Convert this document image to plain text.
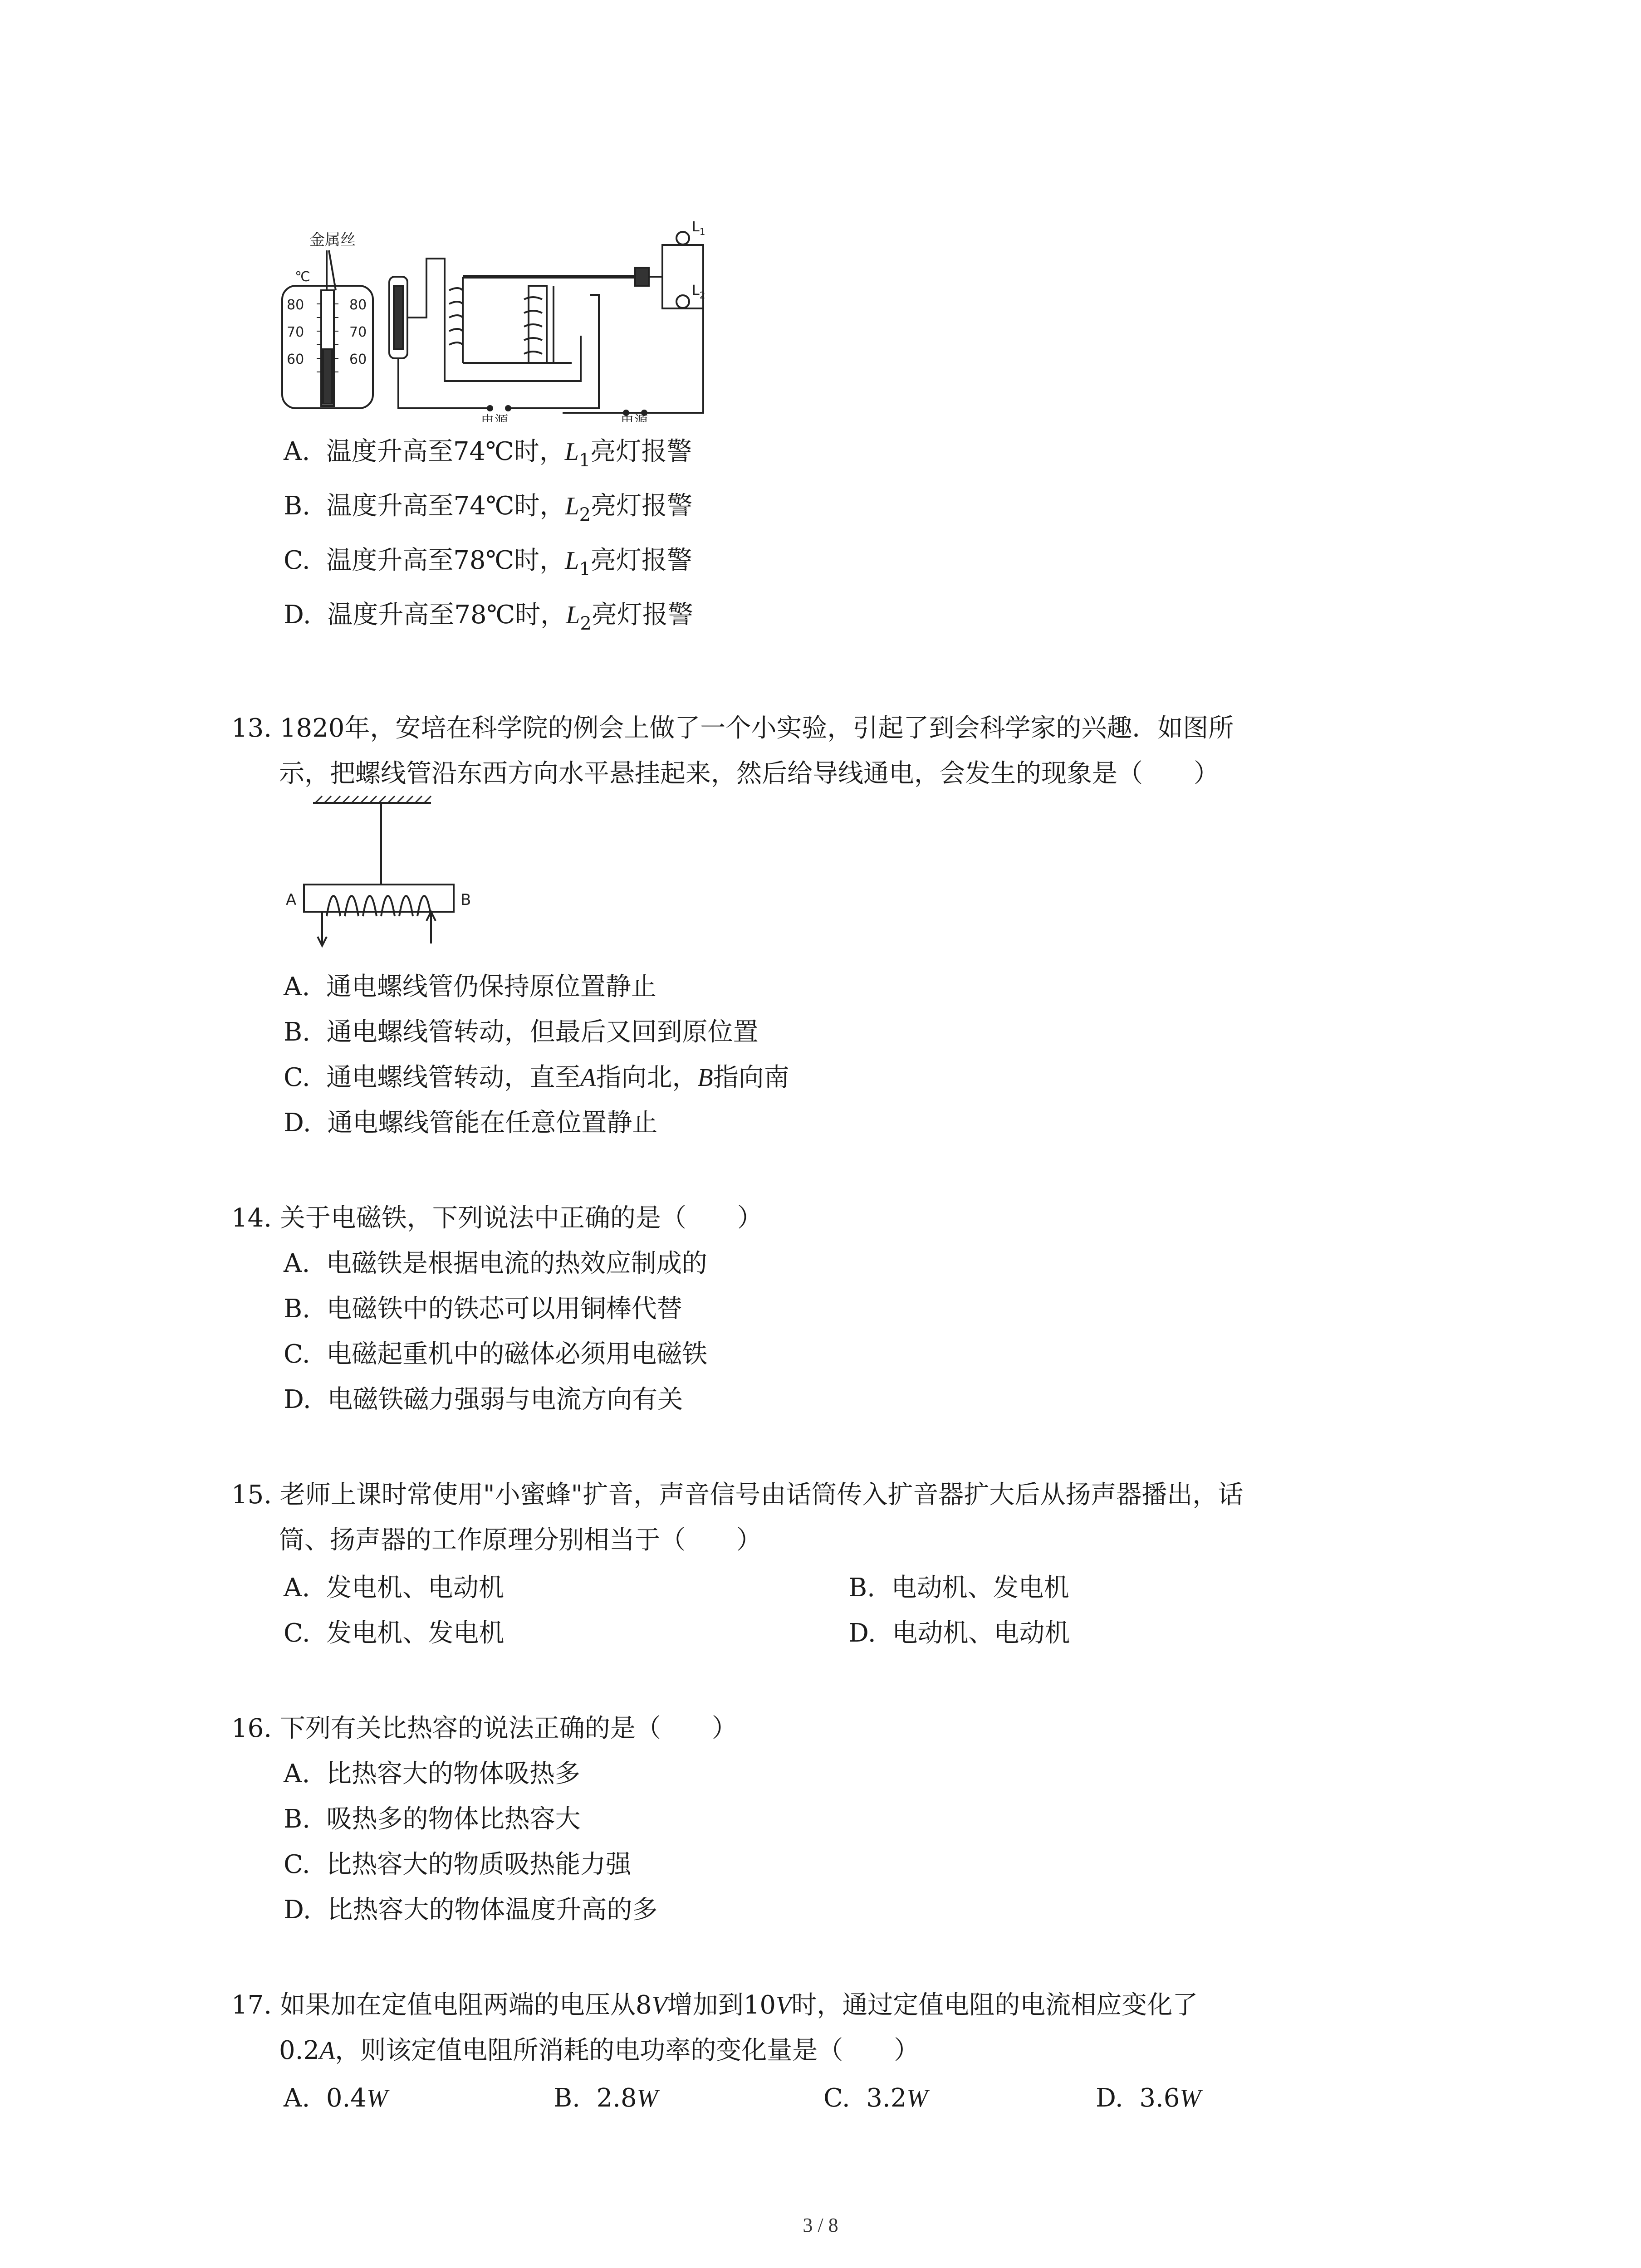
金属丝
℃
80
70
60
80
70
60
$L_1$
$L_2$
电源	电源
A. 温度升高至74℃时，$L_1$亮灯报警
B. 温度升高至74℃时，$L_2$亮灯报警
C. 温度升高至78℃时，$L_1$亮灯报警
D. 温度升高至78℃时，$L_2$亮灯报警
13. 1820年，安培在科学院的例会上做了一个小实验，引起了到会科学家的兴趣．如图所
示，把螺线管沿东西方向水平悬挂起来，然后给导线通电，会发生的现象是（　　）
A	B
A. 通电螺线管仍保持原位置静止
B. 通电螺线管转动，但最后又回到原位置
C. 通电螺线管转动，直至A指向北，B指向南
D. 通电螺线管能在任意位置静止
14. 关于电磁铁，下列说法中正确的是（　　）
A. 电磁铁是根据电流的热效应制成的
B. 电磁铁中的铁芯可以用铜棒代替
C. 电磁起重机中的磁体必须用电磁铁
D. 电磁铁磁力强弱与电流方向有关
15. 老师上课时常使用"小蜜蜂"扩音，声音信号由话筒传入扩音器扩大后从扬声器播出，话
筒、扬声器的工作原理分别相当于（　　）
A. 发电机、电动机	B. 电动机、发电机
C. 发电机、发电机	D. 电动机、电动机
16. 下列有关比热容的说法正确的是（　　）
A. 比热容大的物体吸热多
B. 吸热多的物体比热容大
C. 比热容大的物质吸热能力强
D. 比热容大的物体温度升高的多
17. 如果加在定值电阻两端的电压从8V增加到10V时，通过定值电阻的电流相应变化了
0.2A，则该定值电阻所消耗的电功率的变化量是（　　）
A. 0.4W	B. 2.8W	C. 3.2W	D. 3.6W
3 / 8
